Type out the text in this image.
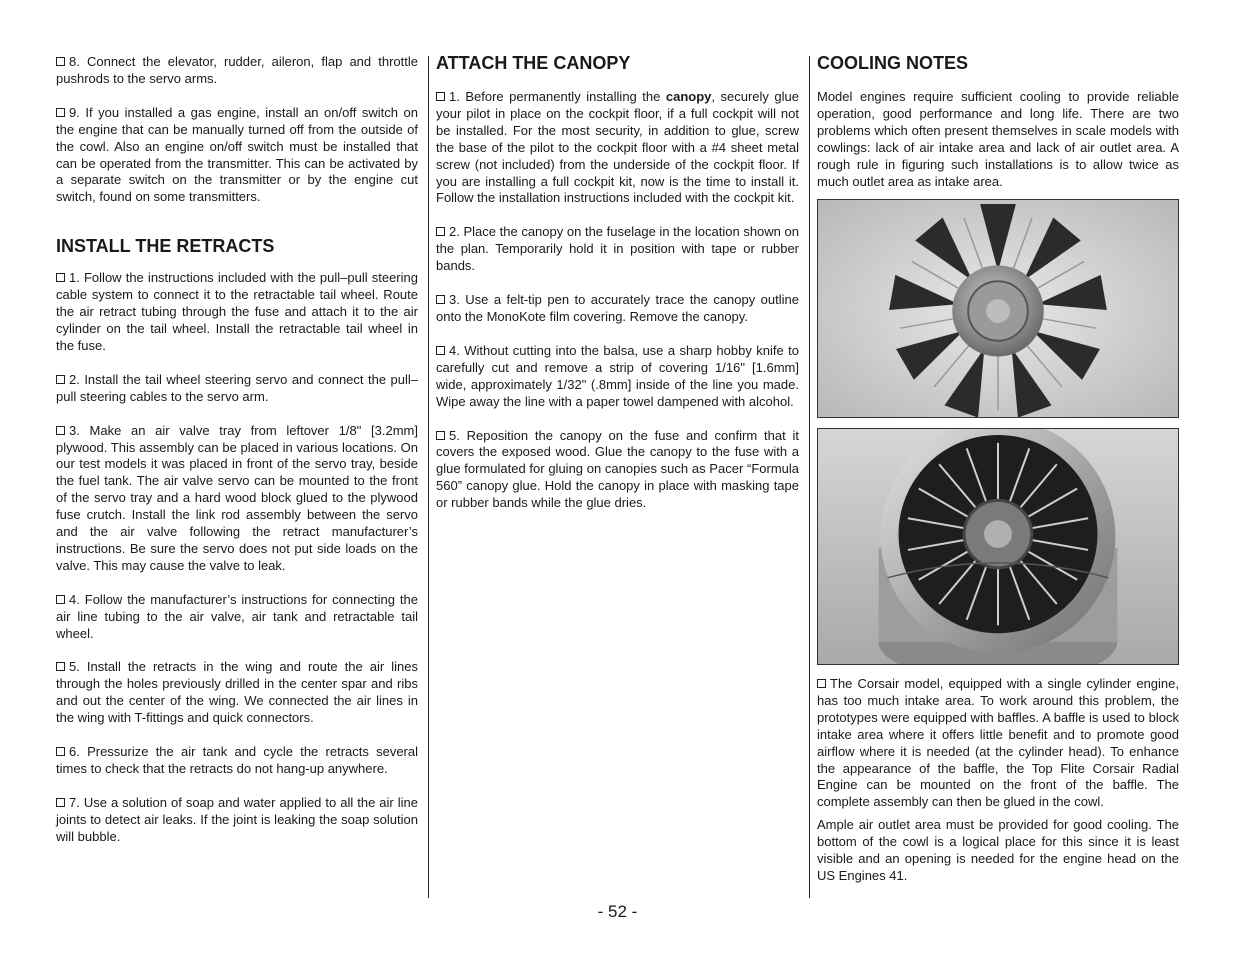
8. Connect the elevator, rudder, aileron, flap and throttle pushrods to the servo arms.

9. If you installed a gas engine, install an on/off switch on the engine that can be manually turned off from the outside of the cowl. Also an engine on/off switch must be installed that can be operated from the transmitter. This can be activated by a separate switch on the transmitter or by the engine cut switch, found on some transmitters.

INSTALL THE RETRACTS

1. Follow the instructions included with the pull–pull steering cable system to connect it to the retractable tail wheel. Route the air retract tubing through the fuse and attach it to the air cylinder on the tail wheel. Install the retractable tail wheel in the fuse.

2. Install the tail wheel steering servo and connect the pull–pull steering cables to the servo arm.

3. Make an air valve tray from leftover 1/8" [3.2mm] plywood. This assembly can be placed in various locations. On our test models it was placed in front of the servo tray, beside the fuel tank. The air valve servo can be mounted to the front of the servo tray and a hard wood block glued to the plywood fuse crutch. Install the link rod assembly between the servo and the air valve following the retract manufacturer’s instructions. Be sure the servo does not put side loads on the valve. This may cause the valve to leak.

4. Follow the manufacturer’s instructions for connecting the air line tubing to the air valve, air tank and retractable tail wheel.

5. Install the retracts in the wing and route the air lines through the holes previously drilled in the center spar and ribs and out the center of the wing. We connected the air lines in the wing with T-fittings and quick connectors.

6. Pressurize the air tank and cycle the retracts several times to check that the retracts do not hang-up anywhere.

7. Use a solution of soap and water applied to all the air line joints to detect air leaks. If the joint is leaking the soap solution will bubble.

ATTACH THE CANOPY

1. Before permanently installing the canopy, securely glue your pilot in place on the cockpit floor, if a full cockpit will not be installed. For the most security, in addition to glue, screw the base of the pilot to the cockpit floor with a #4 sheet metal screw (not included) from the underside of the cockpit floor. If you are installing a full cockpit kit, now is the time to install it. Follow the installation instructions included with the cockpit kit.

2. Place the canopy on the fuselage in the location shown on the plan. Temporarily hold it in position with tape or rubber bands.

3. Use a felt-tip pen to accurately trace the canopy outline onto the MonoKote film covering. Remove the canopy.

4. Without cutting into the balsa, use a sharp hobby knife to carefully cut and remove a strip of covering 1/16" [1.6mm] wide, approximately 1/32" (.8mm] inside of the line you made. Wipe away the line with a paper towel dampened with alcohol.

5. Reposition the canopy on the fuse and confirm that it covers the exposed wood. Glue the canopy to the fuse with a glue formulated for gluing on canopies such as Pacer “Formula 560” canopy glue. Hold the canopy in place with masking tape or rubber bands while the glue dries.

COOLING NOTES

Model engines require sufficient cooling to provide reliable operation, good performance and long life. There are two problems which often present themselves in scale models with cowlings: lack of air intake area and lack of air outlet area. A rough rule in figuring such installations is to allow twice as much outlet area as intake area.

The Corsair model, equipped with a single cylinder engine, has too much intake area. To work around this problem, the prototypes were equipped with baffles. A baffle is used to block intake area where it offers little benefit and to promote good airflow where it is needed (at the cylinder head). To enhance the appearance of the baffle, the Top Flite Corsair Radial Engine can be mounted on the front of the baffle. The complete assembly can then be glued in the cowl.

Ample air outlet area must be provided for good cooling. The bottom of the cowl is a logical place for this since it is least visible and an opening is needed for the engine head on the US Engines 41.

- 52 -
